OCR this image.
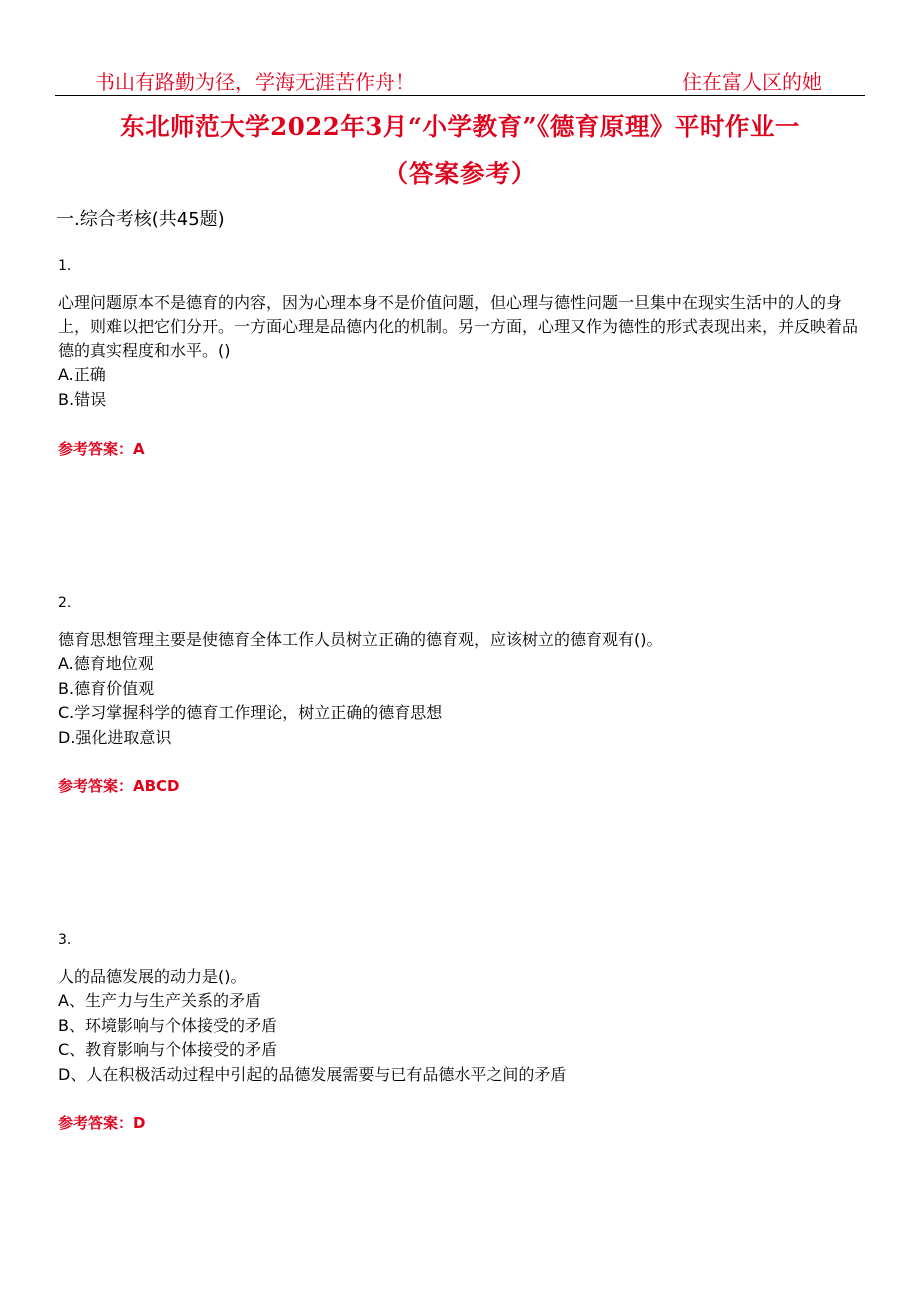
书山有路勤为径，学海无涯苦作舟！	住在富人区的她
东北师范大学2022年3月“小学教育”《德育原理》平时作业一
（答案参考）
一.综合考核(共45题)
1.
心理问题原本不是德育的内容，因为心理本身不是价值问题，但心理与德性问题一旦集中在现实生活中的人的身上，则难以把它们分开。一方面心理是品德内化的机制。另一方面，心理又作为德性的形式表现出来，并反映着品德的真实程度和水平。()
A.正确
B.错误
参考答案：A
2.
德育思想管理主要是使德育全体工作人员树立正确的德育观，应该树立的德育观有()。
A.德育地位观
B.德育价值观
C.学习掌握科学的德育工作理论，树立正确的德育思想
D.强化进取意识
参考答案：ABCD
3.
人的品德发展的动力是()。
A、生产力与生产关系的矛盾
B、环境影响与个体接受的矛盾
C、教育影响与个体接受的矛盾
D、人在积极活动过程中引起的品德发展需要与已有品德水平之间的矛盾
参考答案：D
